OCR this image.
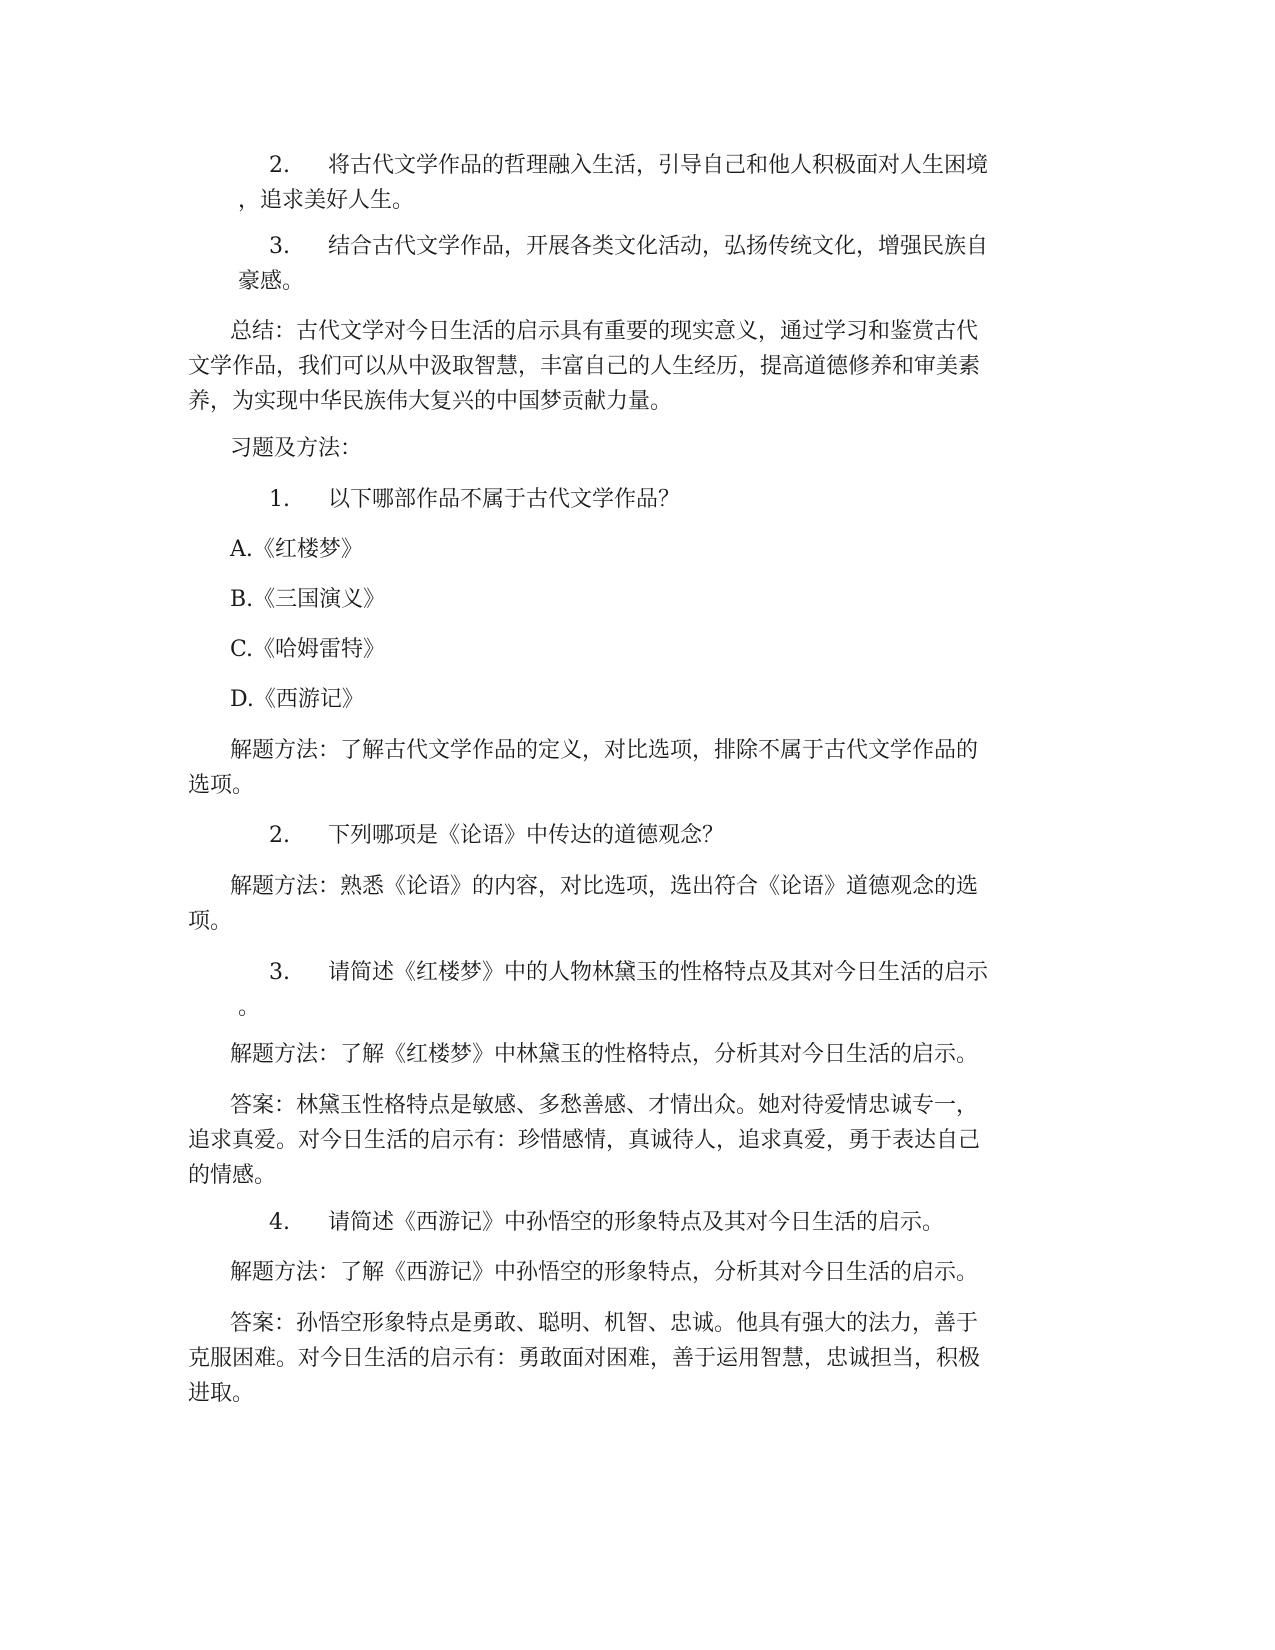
2. 将古代文学作品的哲理融入生活，引导自己和他人积极面对人生困境
，追求美好人生。
3. 结合古代文学作品，开展各类文化活动，弘扬传统文化，增强民族自
豪感。
总结：古代文学对今日生活的启示具有重要的现实意义，通过学习和鉴赏古代
文学作品，我们可以从中汲取智慧，丰富自己的人生经历，提高道德修养和审美素
养，为实现中华民族伟大复兴的中国梦贡献力量。
习题及方法：
1. 以下哪部作品不属于古代文学作品？
A.《红楼梦》
B.《三国演义》
C.《哈姆雷特》
D.《西游记》
解题方法：了解古代文学作品的定义，对比选项，排除不属于古代文学作品的
选项。
2. 下列哪项是《论语》中传达的道德观念？
解题方法：熟悉《论语》的内容，对比选项，选出符合《论语》道德观念的选
项。
3. 请简述《红楼梦》中的人物林黛玉的性格特点及其对今日生活的启示
。
解题方法：了解《红楼梦》中林黛玉的性格特点，分析其对今日生活的启示。
答案：林黛玉性格特点是敏感、多愁善感、才情出众。她对待爱情忠诚专一，
追求真爱。对今日生活的启示有：珍惜感情，真诚待人，追求真爱，勇于表达自己
的情感。
4. 请简述《西游记》中孙悟空的形象特点及其对今日生活的启示。
解题方法：了解《西游记》中孙悟空的形象特点，分析其对今日生活的启示。
答案：孙悟空形象特点是勇敢、聪明、机智、忠诚。他具有强大的法力，善于
克服困难。对今日生活的启示有：勇敢面对困难，善于运用智慧，忠诚担当，积极
进取。
